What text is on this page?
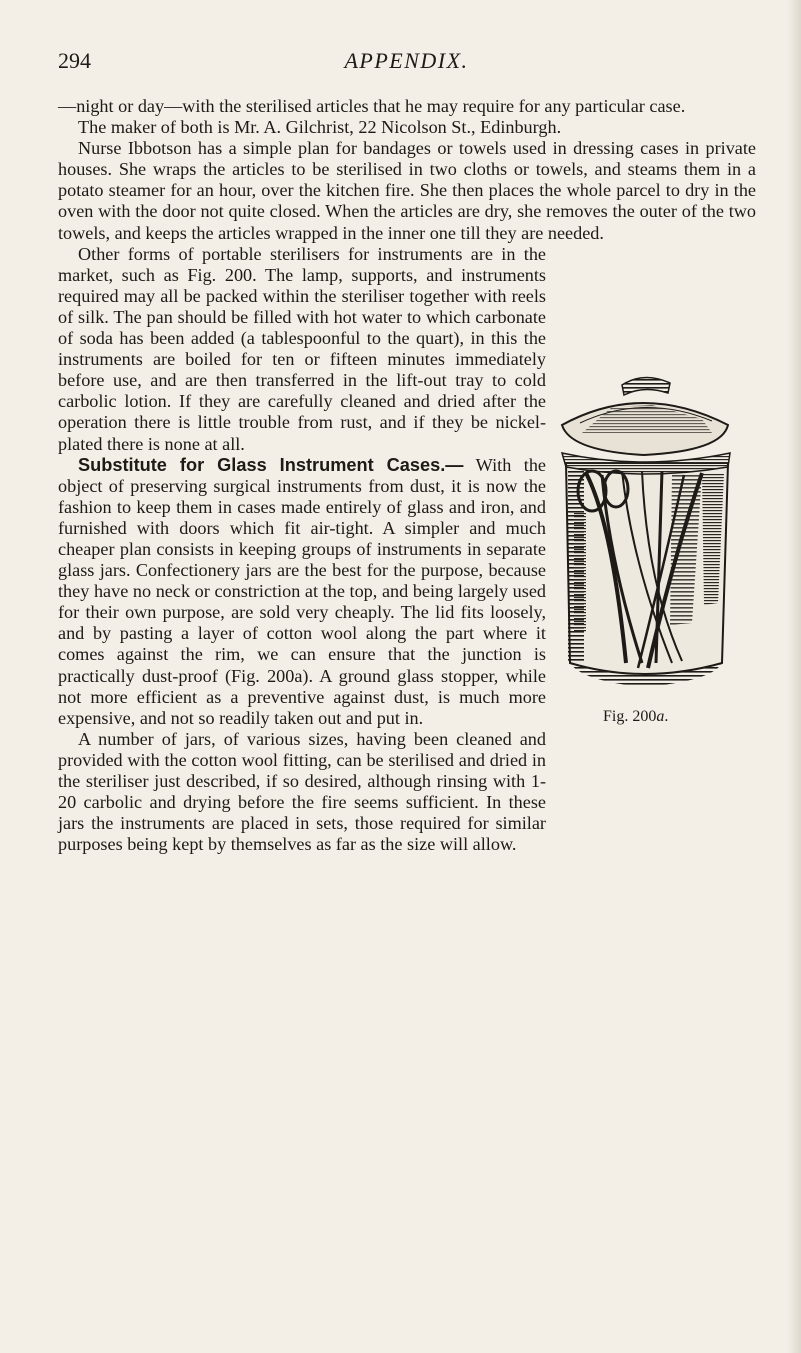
294	APPENDIX.

—night or day—with the sterilised articles that he may require for any particular case.

The maker of both is Mr. A. Gilchrist, 22 Nicolson St., Edinburgh.

Nurse Ibbotson has a simple plan for bandages or towels used in dressing cases in private houses. She wraps the articles to be sterilised in two cloths or towels, and steams them in a potato steamer for an hour, over the kitchen fire. She then places the whole parcel to dry in the oven with the door not quite closed. When the articles are dry, she removes the outer of the two towels, and keeps the articles wrapped in the inner one till they are needed.

Other forms of portable sterilisers for instruments are in the market, such as Fig. 200. The lamp, supports, and instruments required may all be packed within the steriliser together with reels of silk. The pan should be filled with hot water to which carbonate of soda has been added (a tablespoonful to the quart), in this the instruments are boiled for ten or fifteen minutes immediately before use, and are then transferred in the lift-out tray to cold carbolic lotion. If they are carefully cleaned and dried after the operation there is little trouble from rust, and if they be nickel-plated there is none at all.

Substitute for Glass Instrument Cases.— With the object of preserving surgical instruments from dust, it is now the fashion to keep them in cases made entirely of glass and iron, and furnished with doors which fit air-tight. A simpler and much cheaper plan consists in keeping groups of instruments in separate glass jars. Confectionery jars are the best for the purpose, because they have no neck or constriction at the top, and being largely used for their own purpose, are sold very cheaply. The lid fits loosely, and by pasting a layer of cotton wool along the part where it comes against the rim, we can ensure that the junction is practically dust-proof (Fig. 200a). A ground glass stopper, while not more efficient as a preventive against dust, is much more expensive, and not so readily taken out and put in.

A number of jars, of various sizes, having been cleaned and provided with the cotton wool fitting, can be sterilised and dried in the steriliser just described, if so desired, although rinsing with 1-20 carbolic and drying before the fire seems sufficient. In these jars the instruments are placed in sets, those required for similar purposes being kept by themselves as far as the size will allow.

Fig. 200a.
